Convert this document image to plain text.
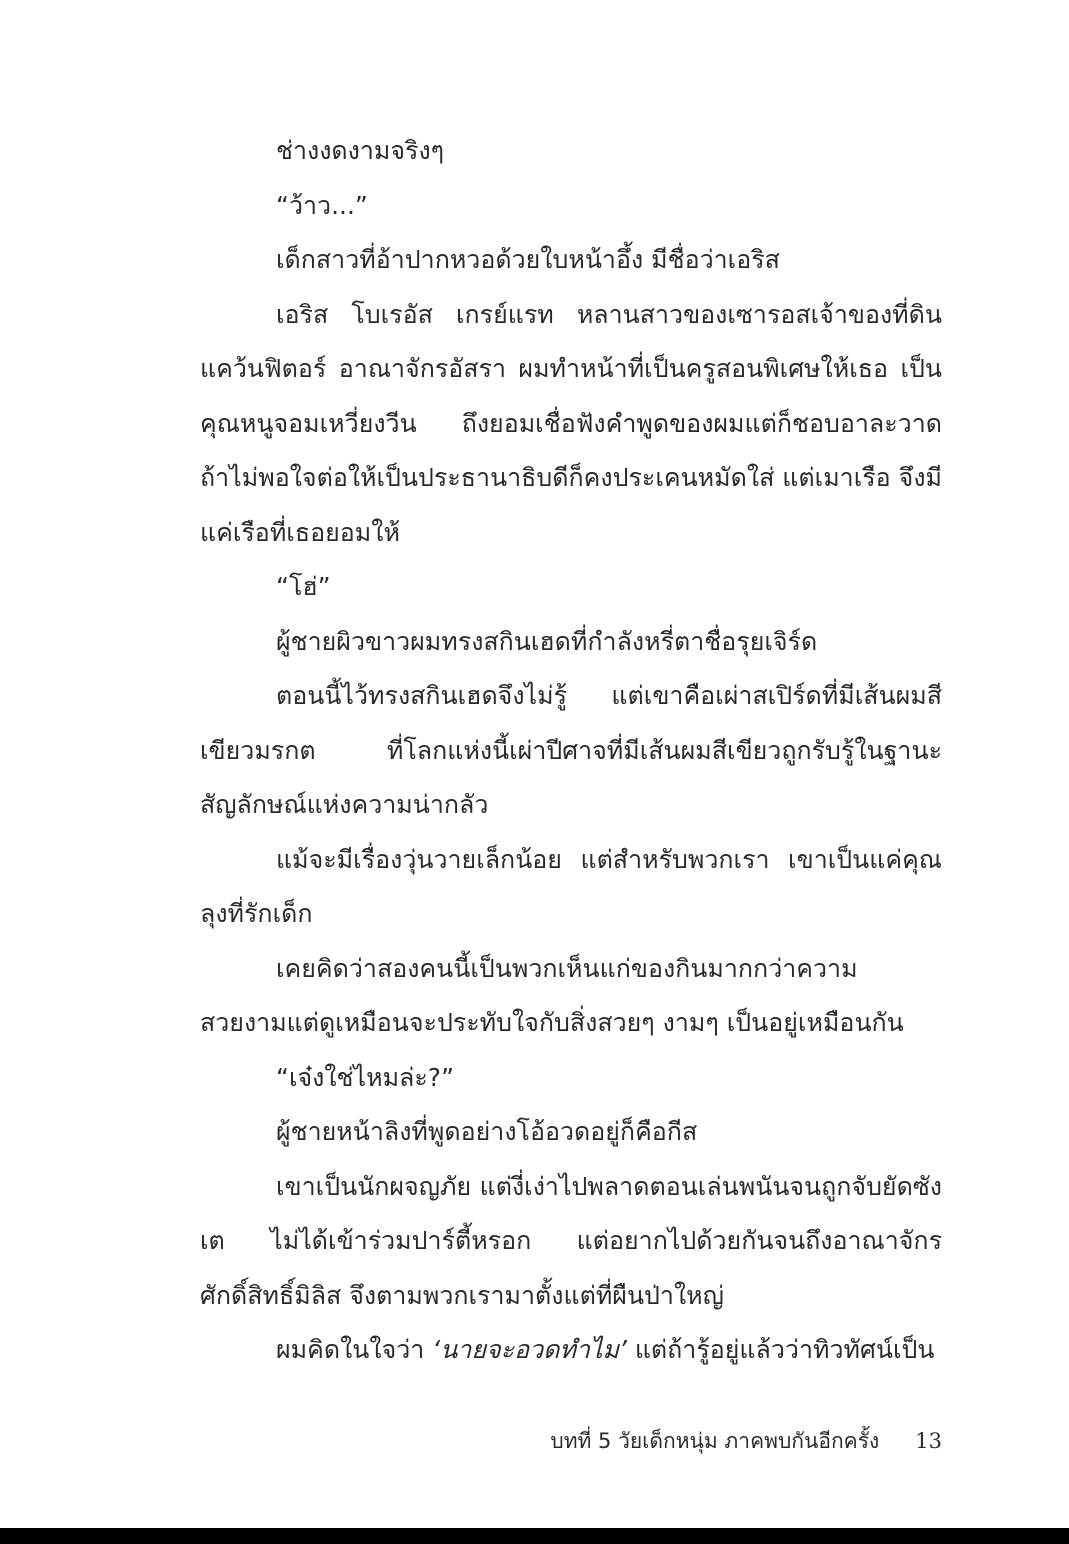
ช่างงดงามจริงๆ

“ว้าว...”

เด็กสาวที่อ้าปากหวอด้วยใบหน้าอึ้ง มีชื่อว่าเอริส

เอริส โบเรอัส เกรย์แรท หลานสาวของเซารอสเจ้าของที่ดินแคว้นฟิตอร์ อาณาจักรอัสรา ผมทำหน้าที่เป็นครูสอนพิเศษให้เธอ เป็นคุณหนูจอมเหวี่ยงวีน ถึงยอมเชื่อฟังคำพูดของผมแต่ก็ชอบอาละวาด ถ้าไม่พอใจต่อให้เป็นประธานาธิบดีก็คงประเคนหมัดใส่ แต่เมาเรือ จึงมีแค่เรือที่เธอยอมให้

“โฮ่”

ผู้ชายผิวขาวผมทรงสกินเฮดที่กำลังหรี่ตาชื่อรุยเจิร์ด

ตอนนี้ไว้ทรงสกินเฮดจึงไม่รู้ แต่เขาคือเผ่าสเปิร์ดที่มีเส้นผมสีเขียวมรกต ที่โลกแห่งนี้เผ่าปีศาจที่มีเส้นผมสีเขียวถูกรับรู้ในฐานะสัญลักษณ์แห่งความน่ากลัว

แม้จะมีเรื่องวุ่นวายเล็กน้อย แต่สำหรับพวกเรา เขาเป็นแค่คุณลุงที่รักเด็ก

เคยคิดว่าสองคนนี้เป็นพวกเห็นแก่ของกินมากกว่าความสวยงามแต่ดูเหมือนจะประทับใจกับสิ่งสวยๆ งามๆ เป็นอยู่เหมือนกัน

“เจ๋งใช่ไหมล่ะ?”

ผู้ชายหน้าลิงที่พูดอย่างโอ้อวดอยู่ก็คือกีส

เขาเป็นนักผจญภัย แต่งี่เง่าไปพลาดตอนเล่นพนันจนถูกจับยัดซังเต ไม่ได้เข้าร่วมปาร์ตี้หรอก แต่อยากไปด้วยกันจนถึงอาณาจักรศักดิ์สิทธิ์มิลิส จึงตามพวกเรามาตั้งแต่ที่ผืนป่าใหญ่

ผมคิดในใจว่า ‘นายจะอวดทำไม’ แต่ถ้ารู้อยู่แล้วว่าทิวทัศน์เป็น

บทที่ 5 วัยเด็กหนุ่ม ภาคพบกันอีกครั้ง 13
